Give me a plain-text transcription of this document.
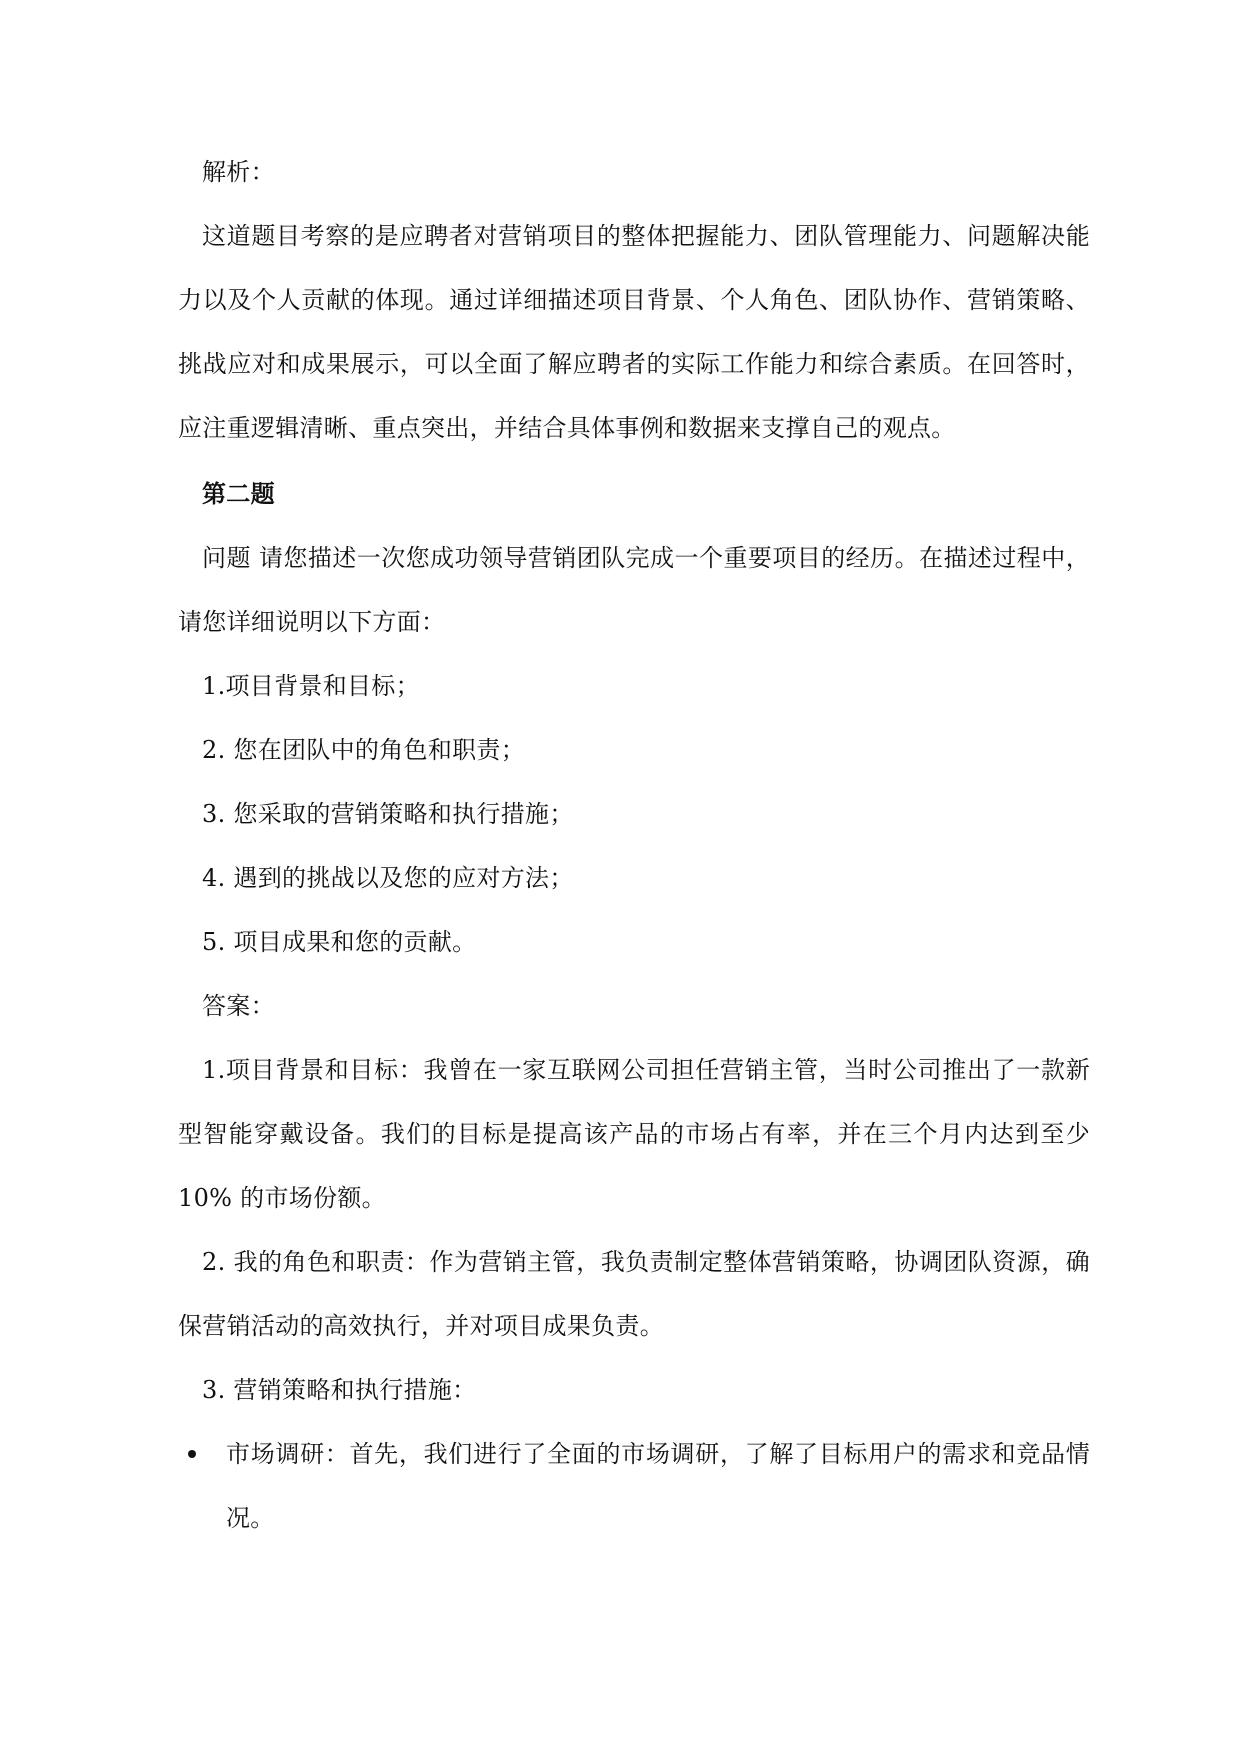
解析：

这道题目考察的是应聘者对营销项目的整体把握能力、团队管理能力、问题解决能力以及个人贡献的体现。通过详细描述项目背景、个人角色、团队协作、营销策略、挑战应对和成果展示，可以全面了解应聘者的实际工作能力和综合素质。在回答时，应注重逻辑清晰、重点突出，并结合具体事例和数据来支撑自己的观点。

第二题

问题 请您描述一次您成功领导营销团队完成一个重要项目的经历。在描述过程中，请您详细说明以下方面：

1.项目背景和目标；

2. 您在团队中的角色和职责；

3. 您采取的营销策略和执行措施；

4. 遇到的挑战以及您的应对方法；

5. 项目成果和您的贡献。

答案：

1.项目背景和目标：我曾在一家互联网公司担任营销主管，当时公司推出了一款新型智能穿戴设备。我们的目标是提高该产品的市场占有率，并在三个月内达到至少 10% 的市场份额。

2. 我的角色和职责：作为营销主管，我负责制定整体营销策略，协调团队资源，确保营销活动的高效执行，并对项目成果负责。

3. 营销策略和执行措施：

市场调研：首先，我们进行了全面的市场调研，了解了目标用户的需求和竞品情况。
